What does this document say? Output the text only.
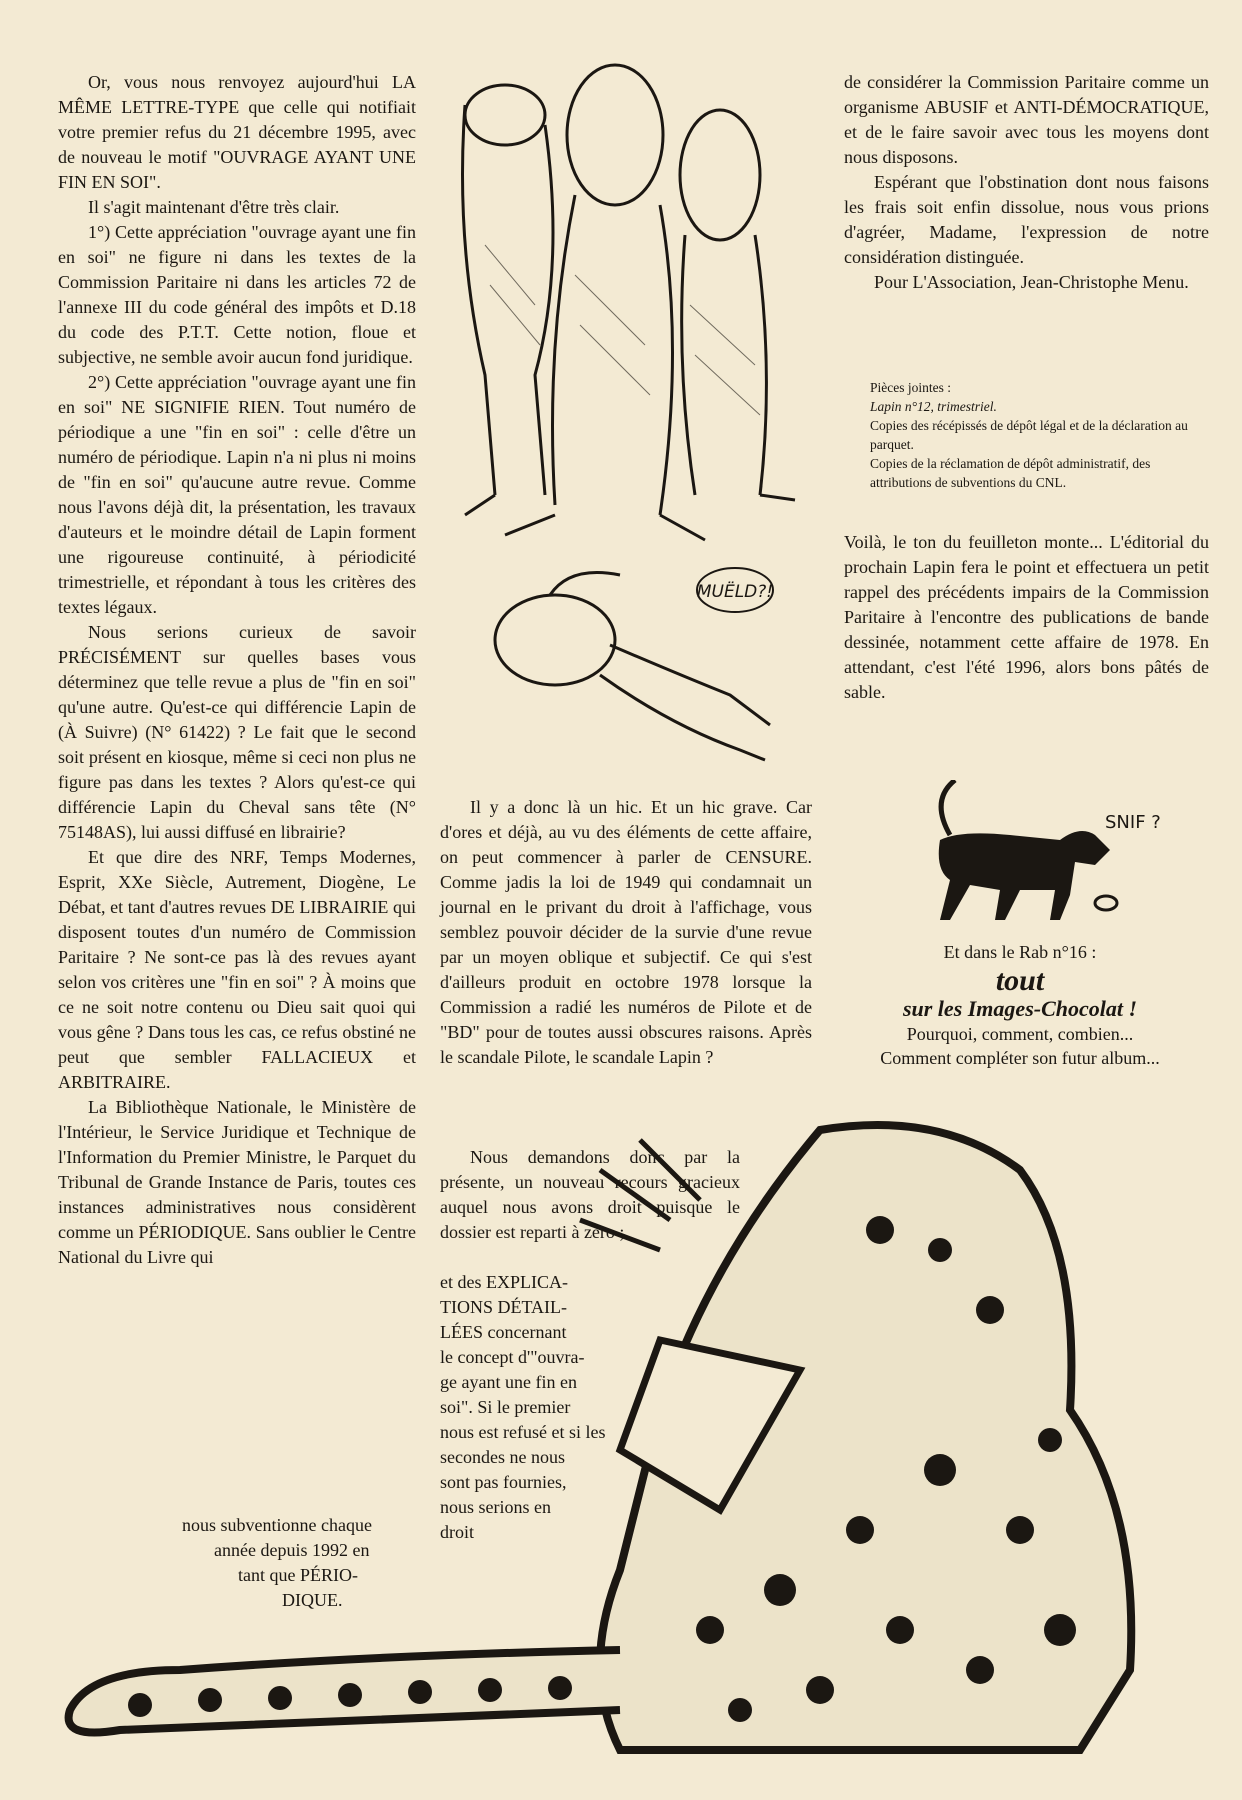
Or, vous nous renvoyez aujourd'hui LA MÊME LETTRE-TYPE que celle qui notifiait votre premier refus du 21 décembre 1995, avec de nouveau le motif "OUVRAGE AYANT UNE FIN EN SOI".

Il s'agit maintenant d'être très clair.

1°) Cette appréciation "ouvrage ayant une fin en soi" ne figure ni dans les textes de la Commission Paritaire ni dans les articles 72 de l'annexe III du code général des impôts et D.18 du code des P.T.T. Cette notion, floue et subjective, ne semble avoir aucun fond juridique.

2°) Cette appréciation "ouvrage ayant une fin en soi" NE SIGNIFIE RIEN. Tout numéro de périodique a une "fin en soi" : celle d'être un numéro de périodique. Lapin n'a ni plus ni moins de "fin en soi" qu'aucune autre revue. Comme nous l'avons déjà dit, la présentation, les travaux d'auteurs et le moindre détail de Lapin forment une rigoureuse continuité, à périodicité trimestrielle, et répondant à tous les critères des textes légaux.

Nous serions curieux de savoir PRÉCISÉMENT sur quelles bases vous déterminez que telle revue a plus de "fin en soi" qu'une autre. Qu'est-ce qui différencie Lapin de (À Suivre) (N° 61422) ? Le fait que le second soit présent en kiosque, même si ceci non plus ne figure pas dans les textes ? Alors qu'est-ce qui différencie Lapin du Cheval sans tête (N° 75148AS), lui aussi diffusé en librairie?

Et que dire des NRF, Temps Modernes, Esprit, XXe Siècle, Autrement, Diogène, Le Débat, et tant d'autres revues DE LIBRAIRIE qui disposent toutes d'un numéro de Commission Paritaire ? Ne sont-ce pas là des revues ayant selon vos critères une "fin en soi" ? À moins que ce ne soit notre contenu ou Dieu sait quoi qui vous gêne ? Dans tous les cas, ce refus obstiné ne peut que sembler FALLACIEUX et ARBITRAIRE.

La Bibliothèque Nationale, le Ministère de l'Intérieur, le Service Juridique et Technique de l'Information du Premier Ministre, le Parquet du Tribunal de Grande Instance de Paris, toutes ces instances administratives nous considèrent comme un PÉRIODIQUE. Sans oublier le Centre National du Livre qui

nous subventionne chaque
année depuis 1992 en
tant que PÉRIO-
DIQUE.
MUËLD?!

Il y a donc là un hic. Et un hic grave. Car d'ores et déjà, au vu des éléments de cette affaire, on peut commencer à parler de CENSURE. Comme jadis la loi de 1949 qui condamnait un journal en le privant du droit à l'affichage, vous semblez pouvoir décider de la survie d'une revue par un moyen oblique et subjectif. Ce qui s'est d'ailleurs produit en octobre 1978 lorsque la Commission a radié les numéros de Pilote et de "BD" pour de toutes aussi obscures raisons. Après le scandale Pilote, le scandale Lapin ?

Nous demandons donc par la présente, un nouveau recours gracieux auquel nous avons droit puisque le dossier est reparti à zéro ;

et des EXPLICA-
TIONS DÉTAIL-
LÉES concernant
le concept d'"ouvra-
ge ayant une fin en
soi". Si le premier
nous est refusé et si les
secondes ne nous
sont pas fournies,
nous serions en
droit

de considérer la Commission Paritaire comme un organisme ABUSIF et ANTI-DÉMOCRATIQUE, et de le faire savoir avec tous les moyens dont nous disposons.

Espérant que l'obstination dont nous faisons les frais soit enfin dissolue, nous vous prions d'agréer, Madame, l'expression de notre considération distinguée.

Pour L'Association, Jean-Christophe Menu.

Pièces jointes :

Lapin n°12, trimestriel.

Copies des récépissés de dépôt légal et de la déclaration au parquet.

Copies de la réclamation de dépôt administratif, des attributions de subventions du CNL.

Voilà, le ton du feuilleton monte... L'éditorial du prochain Lapin fera le point et effectuera un petit rappel des précédents impairs de la Commission Paritaire à l'encontre des publications de bande dessinée, notamment cette affaire de 1978. En attendant, c'est l'été 1996, alors bons pâtés de sable.

SNIF ?
Et dans le Rab n°16 :
tout
sur les Images-Chocolat !
Pourquoi, comment, combien...
Comment compléter son futur album...
